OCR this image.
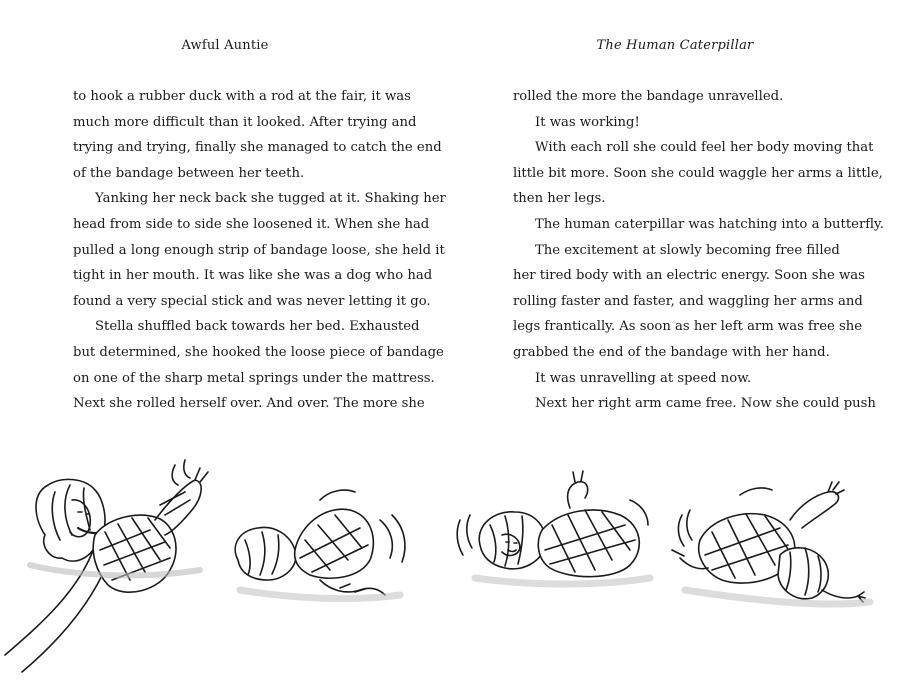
Awful Auntie
to hook a rubber duck with a rod at the fair, it was
much more difficult than it looked. After trying and
trying and trying, finally she managed to catch the end
of the bandage between her teeth.
Yanking her neck back she tugged at it. Shaking her
head from side to side she loosened it. When she had
pulled a long enough strip of bandage loose, she held it
tight in her mouth. It was like she was a dog who had
found a very special stick and was never letting it go.
Stella shuffled back towards her bed. Exhausted
but determined, she hooked the loose piece of bandage
on one of the sharp metal springs under the mattress.
Next she rolled herself over. And over. The more she
The Human Caterpillar
rolled the more the bandage unravelled.
It was working!
With each roll she could feel her body moving that
little bit more. Soon she could waggle her arms a little,
then her legs.
The human caterpillar was hatching into a butterfly.
The excitement at slowly becoming free filled
her tired body with an electric energy. Soon she was
rolling faster and faster, and waggling her arms and
legs frantically. As soon as her left arm was free she
grabbed the end of the bandage with her hand.
It was unravelling at speed now.
Next her right arm came free. Now she could push
